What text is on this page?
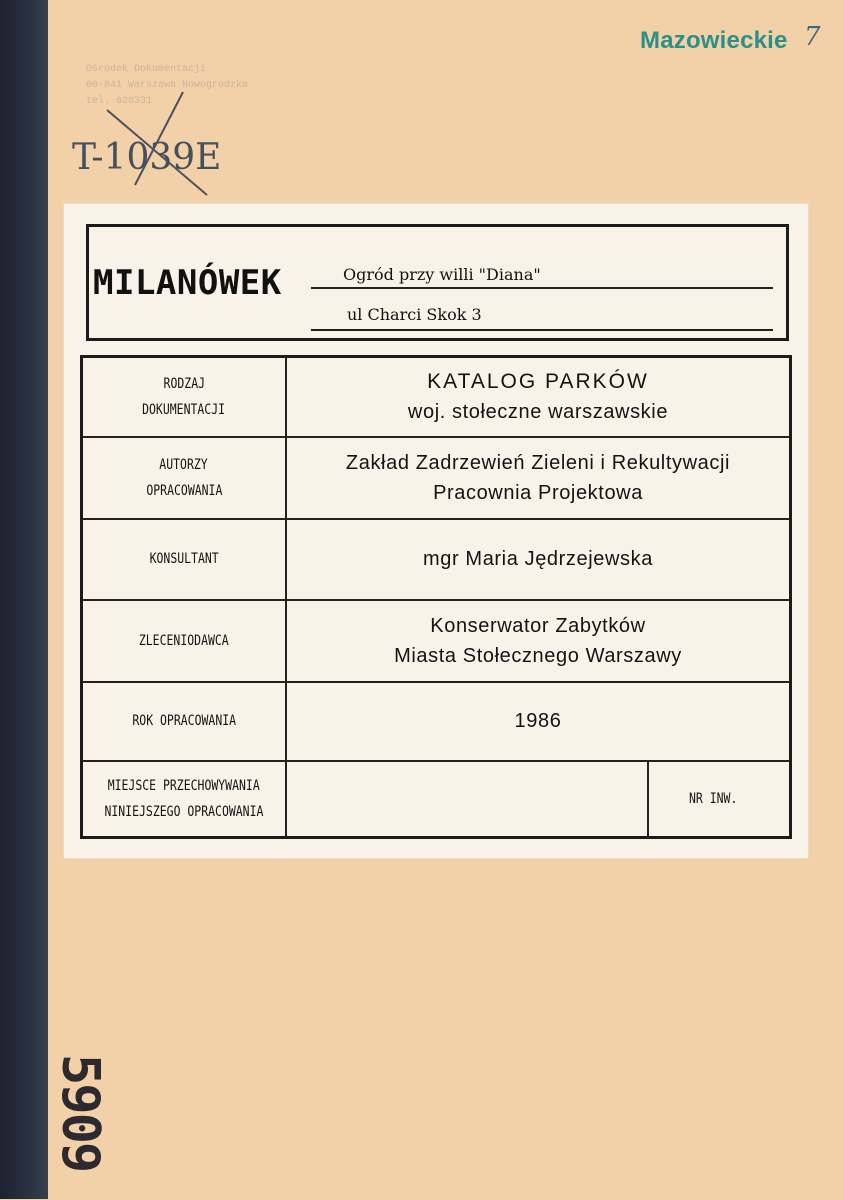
Mazowieckie 7
Ośrodek Dokumentacji
00-841 Warszawa Nowogrodzka
tel. 628331
T-1039E
MILANÓWEK	Ogród przy willi "Diana"
ul Charci Skok 3
RODZAJ
DOKUMENTACJI	KATALOG PARKÓW
woj. stołeczne warszawskie	
AUTORZY
OPRACOWANIA	Zakład Zadrzewień Zieleni i Rekultywacji
Pracownia Projektowa	
KONSULTANT	mgr Maria Jędrzejewska	
ZLECENIODAWCA	Konserwator Zabytków
Miasta Stołecznego Warszawy	
ROK OPRACOWANIA	1986	
MIEJSCE PRZECHOWYWANIA
NINIEJSZEGO OPRACOWANIA		NR INW.
5909
